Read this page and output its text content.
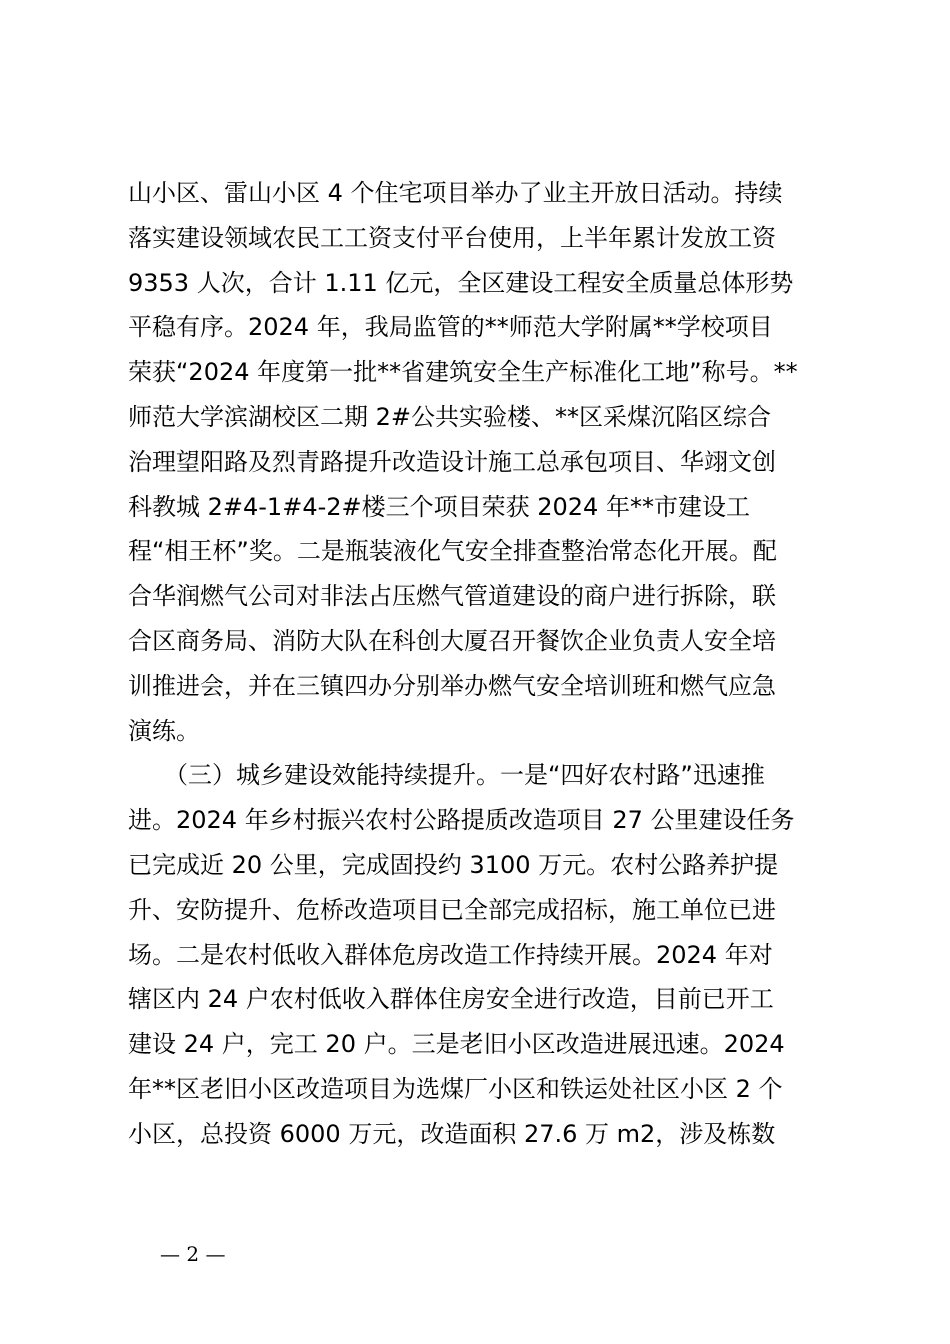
山小区、雷山小区 4 个住宅项目举办了业主开放日活动。持续
落实建设领域农民工工资支付平台使用，上半年累计发放工资
9353 人次，合计 1.11 亿元，全区建设工程安全质量总体形势
平稳有序。2024 年，我局监管的**师范大学附属**学校项目
荣获“2024 年度第一批**省建筑安全生产标准化工地”称号。**
师范大学滨湖校区二期 2#公共实验楼、**区采煤沉陷区综合
治理望阳路及烈青路提升改造设计施工总承包项目、华翊文创
科教城 2#4-1#4-2#楼三个项目荣获 2024 年**市建设工
程“相王杯”奖。二是瓶装液化气安全排查整治常态化开展。配
合华润燃气公司对非法占压燃气管道建设的商户进行拆除，联
合区商务局、消防大队在科创大厦召开餐饮企业负责人安全培
训推进会，并在三镇四办分别举办燃气安全培训班和燃气应急
演练。
　　（三）城乡建设效能持续提升。一是“四好农村路”迅速推
进。2024 年乡村振兴农村公路提质改造项目 27 公里建设任务
已完成近 20 公里，完成固投约 3100 万元。农村公路养护提
升、安防提升、危桥改造项目已全部完成招标，施工单位已进
场。二是农村低收入群体危房改造工作持续开展。2024 年对
辖区内 24 户农村低收入群体住房安全进行改造，目前已开工
建设 24 户，完工 20 户。三是老旧小区改造进展迅速。2024
年**区老旧小区改造项目为选煤厂小区和铁运处社区小区 2 个
小区，总投资 6000 万元，改造面积 27.6 万 m2，涉及栋数
— 2 —
